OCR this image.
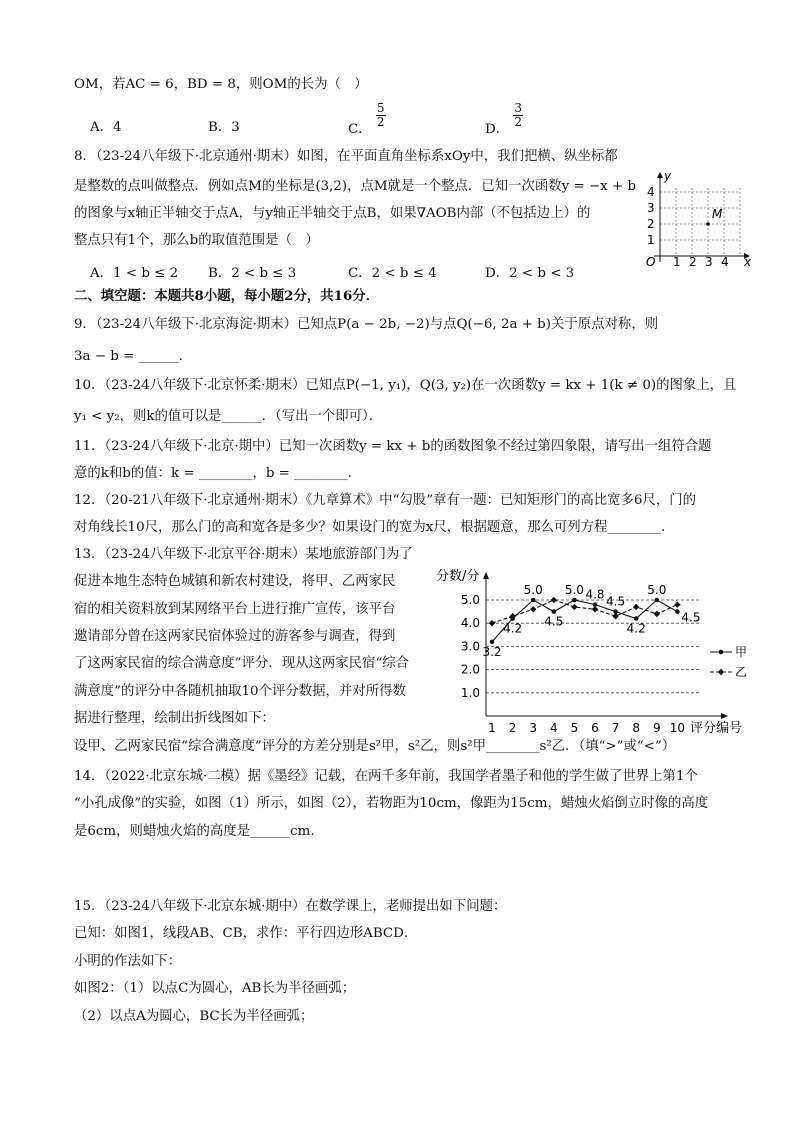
OM，若AC = 6，BD = 8，则OM的长为（　）
A．4	B．3	C．
$\frac{5}{2}$
D．
$\frac{3}{2}$
8．（23-24八年级下·北京通州·期末）如图，在平面直角坐标系xOy中，我们把横、纵坐标都
是整数的点叫做整点．例如点M的坐标是(3,2)，点M就是一个整点．已知一次函数y = −x + b
的图象与x轴正半轴交于点A，与y轴正半轴交于点B，如果∇AOB内部（不包括边上）的
整点只有1个，那么b的取值范围是（　）
A．1 < b ≤ 2 B．2 < b ≤ 3	C．2 < b ≤ 4	D．2 < b < 3
y
x
O 1 2 3 4
1
2
3
4
M
二、填空题：本题共8小题，每小题2分，共16分．
9．（23-24八年级下·北京海淀·期末）已知点P(a − 2b, −2)与点Q(−6, 2a + b)关于原点对称，则
3a − b = ______．
10．（23-24八年级下·北京怀柔·期末）已知点P(−1, y₁)，Q(3, y₂)在一次函数y = kx + 1(k ≠ 0)的图象上，且
y₁ < y₂，则k的值可以是______．（写出一个即可）．
11．（23-24八年级下·北京·期中）已知一次函数y = kx + b的函数图象不经过第四象限，请写出一组符合题
意的k和b的值：k = ________，b = ________．
12．（20-21八年级下·北京通州·期末）《九章算术》中“勾股”章有一题：已知矩形门的高比宽多6尺，门的
对角线长10尺，那么门的高和宽各是多少？如果设门的宽为x尺，根据题意，那么可列方程________．
13．（23-24八年级下·北京平谷·期末）某地旅游部门为了
促进本地生态特色城镇和新农村建设，将甲、乙两家民
宿的相关资料放到某网络平台上进行推广宣传，该平台
邀请部分曾在这两家民宿体验过的游客参与调查，得到
了这两家民宿的综合满意度”评分．现从这两家民宿“综合
满意度”的评分中各随机抽取10个评分数据，并对所得数
据进行整理，绘制出折线图如下：
分数/分
评分编号
1.0
2.0
3.0
4.0
5.0
1 2 3 4 5 6 7 8 9 10
3.2
4.2
5.0
4.5
5.0 4.8 4.5
4.2
5.0
4.5
甲
乙
设甲、乙两家民宿“综合满意度”评分的方差分别是s²甲，s²乙，则s²甲________s²乙．（填“>”或“<”）
14．（2022·北京东城·二模）据《墨经》记载，在两千多年前，我国学者墨子和他的学生做了世界上第1个
“小孔成像”的实验，如图（1）所示，如图（2），若物距为10cm，像距为15cm，蜡烛火焰倒立时像的高度
是6cm，则蜡烛火焰的高度是______cm.
15．（23-24八年级下·北京东城·期中）在数学课上，老师提出如下问题：
已知：如图1，线段AB、CB，求作：平行四边形ABCD．
小明的作法如下：
如图2：（1）以点C为圆心，AB长为半径画弧；
（2）以点A为圆心，BC长为半径画弧；
